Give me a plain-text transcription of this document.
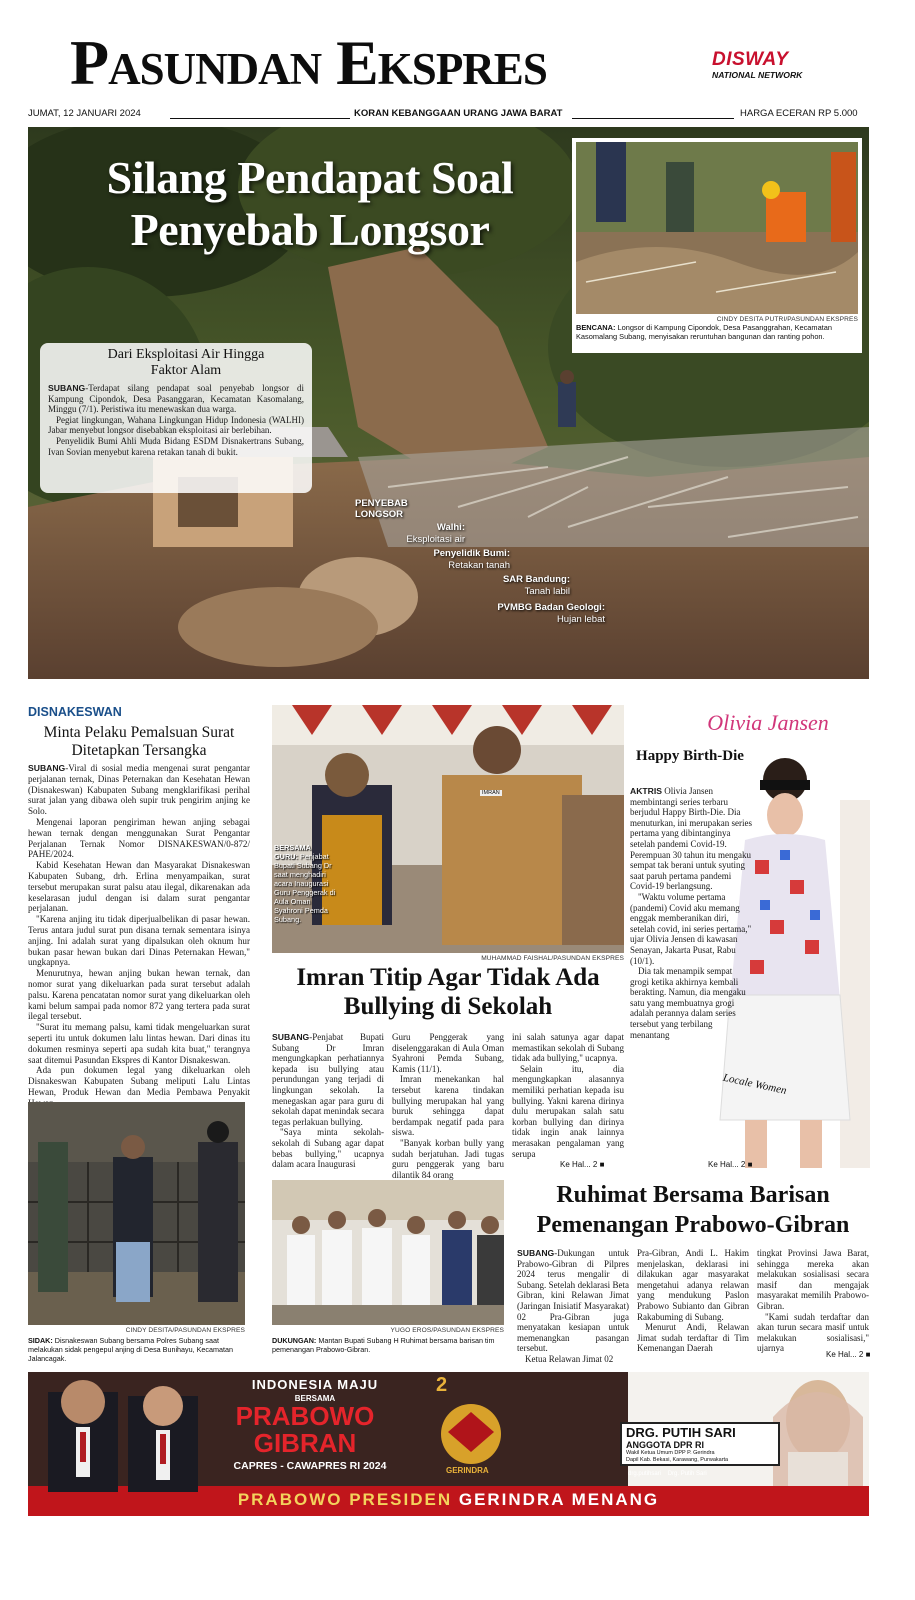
Pasundan Ekspres	DISWAY
NATIONAL NETWORK
JUMAT, 12 JANUARI 2024	KORAN KEBANGGAAN URANG JAWA BARAT	HARGA ECERAN RP 5.000
Silang Pendapat Soal
Penyebab Longsor
CINDY DESITA PUTRI/PASUNDAN EKSPRES
BENCANA: Longsor di Kampung Cipondok, Desa Pasanggrahan, Kecamatan Kasomalang Subang, menyisakan reruntuhan bangunan dan ranting pohon.
Dari Eksploitasi Air Hingga Faktor Alam

SUBANG-Terdapat silang pendapat soal penyebab longsor di Kampung Cipondok, Desa Pasanggaran, Kecamatan Kasomalang, Minggu (7/1). Peristiwa itu menewaskan dua warga.

Pegiat lingkungan, Wahana Lingkungan Hidup Indonesia (WALHI) Jabar menyebut longsor disebabkan eksploitasi air berlebihan.

Penyelidik Bumi Ahli Muda Bidang ESDM Disnakertrans Subang, Ivan Sovian menyebut karena retakan tanah di bukit.

PENYEBAB LONGSOR
Walhi:
Eksploitasi air
Penyelidik Bumi:
Retakan tanah
SAR Bandung:
Tanah labil
PVMBG Badan Geologi:
Hujan lebat
DISNAKESWAN
Minta Pelaku Pemalsuan Surat Ditetapkan Tersangka

SUBANG-Viral di sosial media mengenai surat pengantar perjalanan ternak, Dinas Peternakan dan Kesehatan Hewan (Disnakeswan) Kabupaten Subang mengklarifikasi perihal surat jalan yang dibawa oleh supir truk pengirim anjing ke Solo.

Mengenai laporan pengiriman hewan anjing sebagai hewan ternak dengan menggunakan Surat Pengantar Perjalanan Ternak Nomor DISNAKESWAN/0-872/ PAHE/2024.

Kabid Kesehatan Hewan dan Masyarakat Disnakeswan Kabupaten Subang, drh. Erlina menyampaikan, surat tersebut merupakan surat palsu atau ilegal, dikarenakan ada keselarasan judul dengan isi dalam surat pengantar perjalanan.

"Karena anjing itu tidak diperjualbelikan di pasar hewan. Terus antara judul surat pun disana ternak sementara isinya anjing. Ini adalah surat yang dipalsukan oleh oknum hur bukan pasar hewan bukan dari Dinas Peternakan Hewan," ungkapnya.

Menurutnya, hewan anjing bukan hewan ternak, dan nomor surat yang dikeluarkan pada surat tersebut adalah palsu. Karena pencatatan nomor surat yang dikeluarkan oleh kami belum sampai pada nomor 872 yang tertera pada surat ilegal tersebut.

"Surat itu memang palsu, kami tidak mengeluarkan surat seperti itu untuk dokumen lalu lintas hewan. Dari dinas itu dokumen resminya seperti apa sudah kita buat," terangnya saat ditemui Pasundan Ekspres di Kantor Disnakeswan.

Ada pun dokumen legal yang dikeluarkan oleh Disnakeswan Kabupaten Subang meliputi Lalu Lintas Hewan, Produk Hewan dan Media Pembawa Penyakit

CINDY DESITA/PASUNDAN EKSPRES
SIDAK: Disnakeswan Subang bersama Polres Subang saat melakukan sidak pengepul anjing di Desa Bunihayu, Kecamatan Jalancagak.
BERSAMA GURU: Penjabat Bupati Subang Dr saat menghadiri acara Inaugurasi Guru Penggerak di Aula Oman Syahroni Pemda Subang.
IMRAN
MUHAMMAD FAISHAL/PASUNDAN EKSPRES
Imran Titip Agar Tidak Ada Bullying di Sekolah

SUBANG-Penjabat Bupati Subang Dr Imran mengungkapkan perhatiannya kepada isu bullying atau perundungan yang terjadi di lingkungan sekolah. Ia menegaskan agar para guru di sekolah dapat menindak secara tegas perlakuan bullying.

"Saya minta sekolah-sekolah di Subang agar dapat bebas bullying," ucapnya dalam acara Inaugurasi

Guru Penggerak yang diselenggarakan di Aula Oman Syahroni Pemda Subang, Kamis (11/1).

Imran menekankan hal tersebut karena tindakan bullying merupakan hal yang buruk sehingga dapat berdampak negatif pada para siswa.

"Banyak korban bully yang sudah berjatuhan. Jadi tugas guru penggerak yang baru dilantik 84 orang

ini salah satunya agar dapat memastikan sekolah di Subang tidak ada bullying," ucapnya.

Selain itu, dia mengungkapkan alasannya memiliki perhatian kepada isu bullying. Yakni karena dirinya dulu merupakan salah satu korban bullying dan dirinya tidak ingin anak lainnya merasakan pengalaman yang serupa

Ke Hal... 2 ■
Olivia Jansen
Happy Birth-Die

AKTRIS Olivia Jansen membintangi series terbaru berjudul Happy Birth-Die. Dia menuturkan, ini merupakan series pertama yang dibintanginya setelah pandemi Covid-19. Perempuan 30 tahun itu mengaku sempat tak berani untuk syuting saat paruh pertama pandemi Covid-19 berlangsung.

"Waktu volume pertama (pandemi) Covid aku memang enggak memberanikan diri, setelah covid, ini series pertama," ujar Olivia Jensen di kawasan Senayan, Jakarta Pusat, Rabu (10/1).

Dia tak menampik sempat grogi ketika akhirnya kembali berakting. Namun, dia mengaku satu yang membuatnya grogi adalah perannya dalam series tersebut yang terbilang menantang

Locale Women
Ke Hal... 2 ■
YUGO EROS/PASUNDAN EKSPRES
DUKUNGAN: Mantan Bupati Subang H Ruhimat bersama barisan tim pemenangan Prabowo-Gibran.
Ruhimat Bersama Barisan Pemenangan Prabowo-Gibran

SUBANG-Dukungan untuk Prabowo-Gibran di Pilpres 2024 terus mengalir di Subang. Setelah deklarasi Beta Gibran, kini Relawan Jimat (Jaringan Inisiatif Masyarakat) 02 Pra-Gibran juga menyatakan kesiapan untuk memenangkan pasangan tersebut.

Ketua Relawan Jimat 02

Pra-Gibran, Andi L. Hakim menjelaskan, deklarasi ini dilakukan agar masyarakat mengetahui adanya relawan yang mendukung Paslon Prabowo Subianto dan Gibran Rakabuming di Subang.

Menurut Andi, Relawan Jimat sudah terdaftar di Tim Kemenangan Daerah

tingkat Provinsi Jawa Barat, sehingga mereka akan melakukan sosialisasi secara masif dan mengajak masyarakat memilih Prabowo-Gibran.

"Kami sudah terdaftar dan akan turun secara masif untuk melakukan sosialisasi," ujarnya

Ke Hal... 2 ■
INDONESIA MAJU
BERSAMA
PRABOWO
GIBRAN
CAPRES - CAWAPRES RI 2024
2
GERINDRA
DRG. PUTIH SARI
ANGGOTA DPR RI
Wakil Ketua Umum DPP P. Gerindra
Dapil Kab. Bekasi, Karawang, Purwakarta
drg.putihsari Drg. Putih Sari
PRABOWO PRESIDEN GERINDRA MENANG
